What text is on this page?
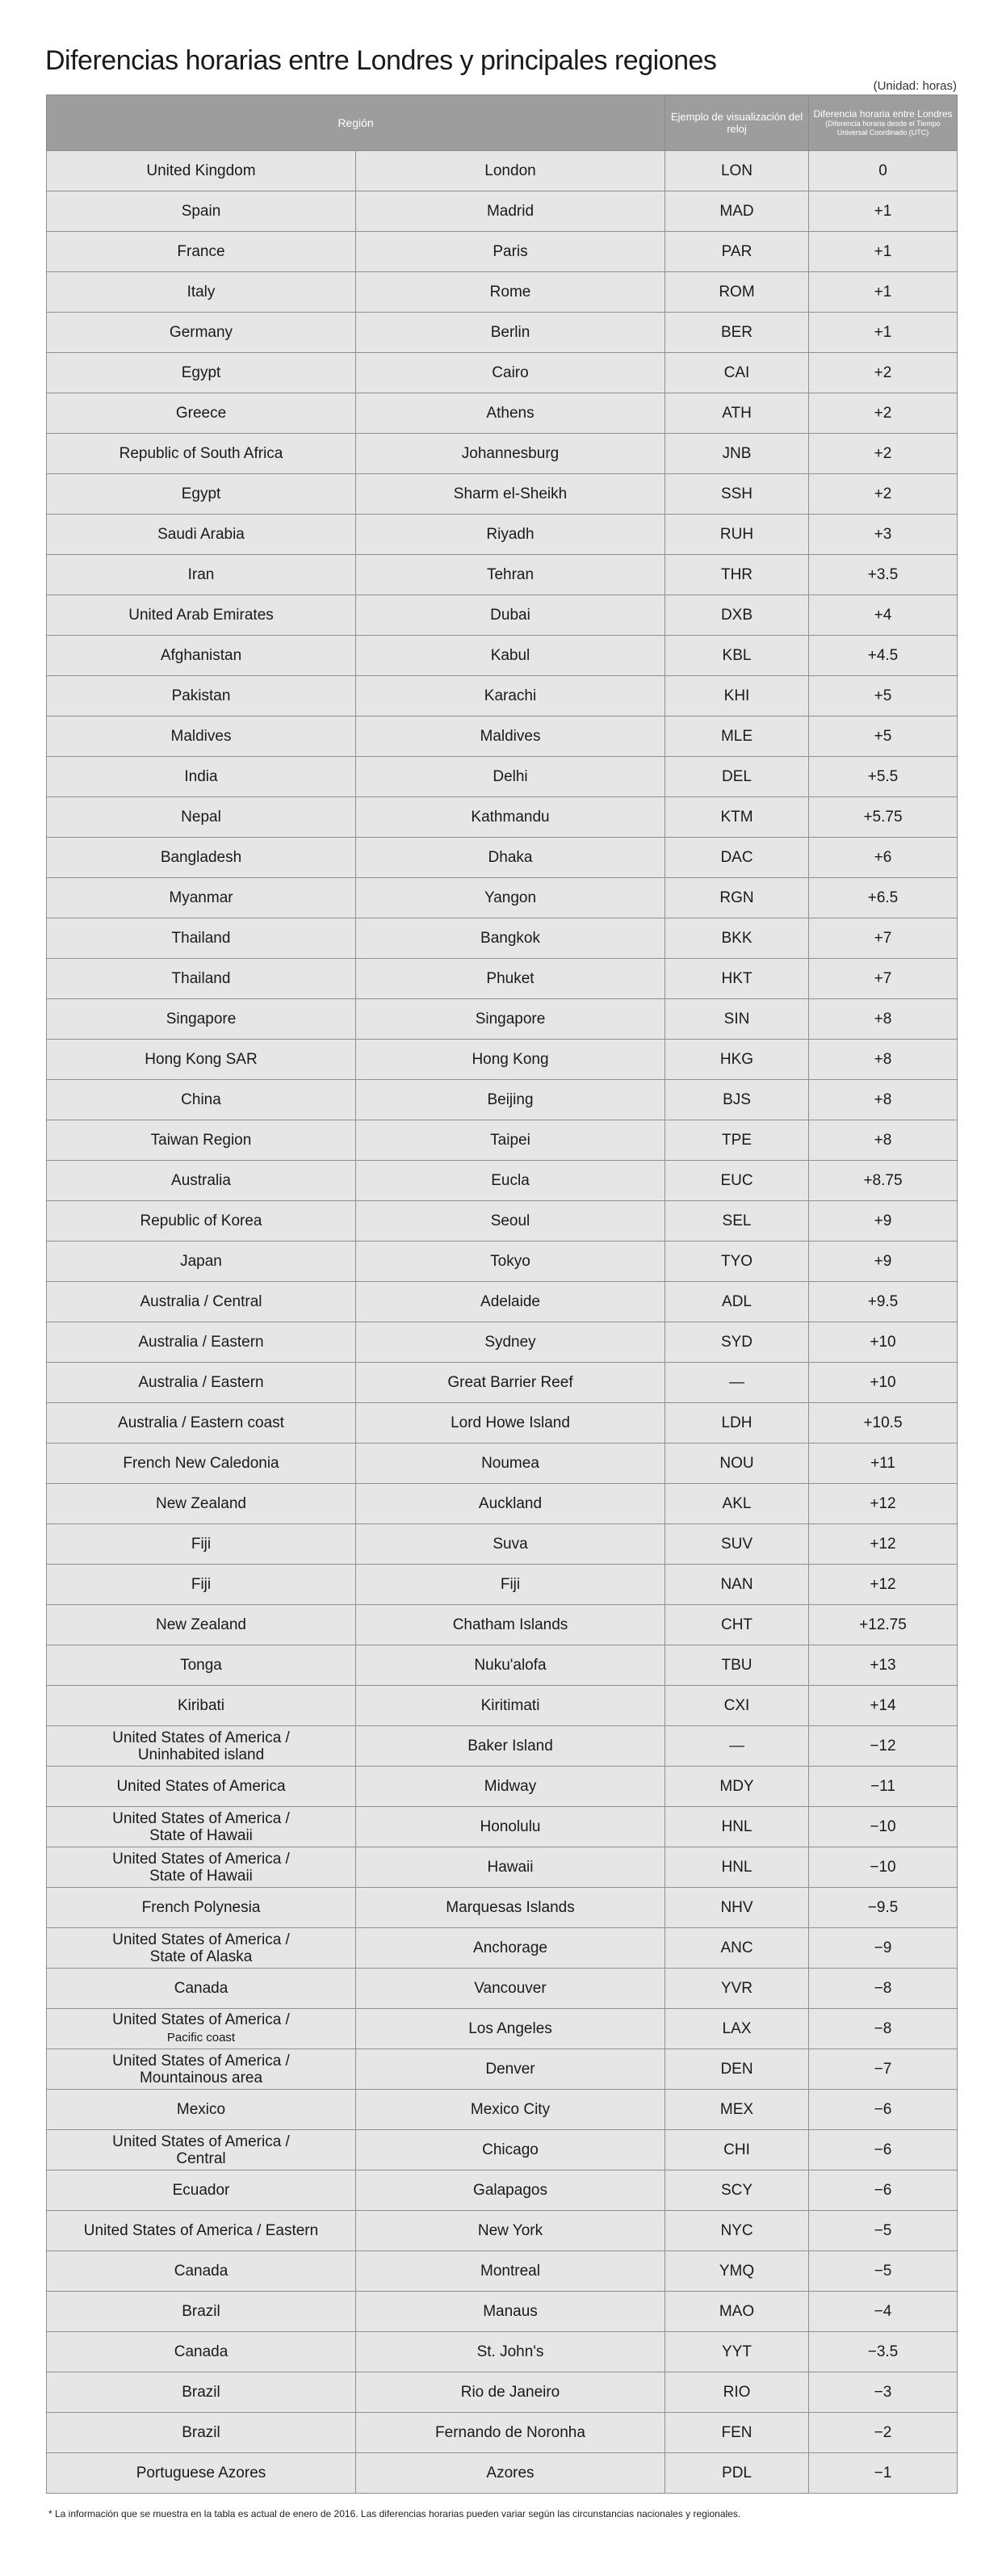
Diferencias horarias entre Londres y principales regiones
(Unidad: horas)
Región		Ejemplo de visualización del reloj	Diferencia horaria entre Londres
(Diferencia horaria desde el Tiempo
Universal Coordinado (UTC)

United Kingdom	London	LON	0
Spain	Madrid	MAD	+1
France	Paris	PAR	+1
Italy	Rome	ROM	+1
Germany	Berlin	BER	+1
Egypt	Cairo	CAI	+2
Greece	Athens	ATH	+2
Republic of South Africa	Johannesburg	JNB	+2
Egypt	Sharm el-Sheikh	SSH	+2
Saudi Arabia	Riyadh	RUH	+3
Iran	Tehran	THR	+3.5
United Arab Emirates	Dubai	DXB	+4
Afghanistan	Kabul	KBL	+4.5
Pakistan	Karachi	KHI	+5
Maldives	Maldives	MLE	+5
India	Delhi	DEL	+5.5
Nepal	Kathmandu	KTM	+5.75
Bangladesh	Dhaka	DAC	+6
Myanmar	Yangon	RGN	+6.5
Thailand	Bangkok	BKK	+7
Thailand	Phuket	HKT	+7
Singapore	Singapore	SIN	+8
Hong Kong SAR	Hong Kong	HKG	+8
China	Beijing	BJS	+8
Taiwan Region	Taipei	TPE	+8
Australia	Eucla	EUC	+8.75
Republic of Korea	Seoul	SEL	+9
Japan	Tokyo	TYO	+9
Australia / Central	Adelaide	ADL	+9.5
Australia / Eastern	Sydney	SYD	+10
Australia / Eastern	Great Barrier Reef	—	+10
Australia / Eastern coast	Lord Howe Island	LDH	+10.5
French New Caledonia	Noumea	NOU	+11
New Zealand	Auckland	AKL	+12
Fiji	Suva	SUV	+12
Fiji	Fiji	NAN	+12
New Zealand	Chatham Islands	CHT	+12.75
Tonga	Nuku'alofa	TBU	+13
Kiribati	Kiritimati	CXI	+14
United States of America /
Uninhabited island	Baker Island	—	−12
United States of America	Midway	MDY	−11
United States of America /
State of Hawaii	Honolulu	HNL	−10
United States of America /
State of Hawaii	Hawaii	HNL	−10
French Polynesia	Marquesas Islands	NHV	−9.5
United States of America /
State of Alaska	Anchorage	ANC	−9
Canada	Vancouver	YVR	−8
United States of America /
Pacific coast	Los Angeles	LAX	−8
United States of America /
Mountainous area	Denver	DEN	−7
Mexico	Mexico City	MEX	−6
United States of America /
Central	Chicago	CHI	−6
Ecuador	Galapagos	SCY	−6
United States of America / Eastern	New York	NYC	−5
Canada	Montreal	YMQ	−5
Brazil	Manaus	MAO	−4
Canada	St. John's	YYT	−3.5
Brazil	Rio de Janeiro	RIO	−3
Brazil	Fernando de Noronha	FEN	−2
Portuguese Azores	Azores	PDL	−1
* La información que se muestra en la tabla es actual de enero de 2016. Las diferencias horarias pueden variar según las circunstancias nacionales y regionales.
